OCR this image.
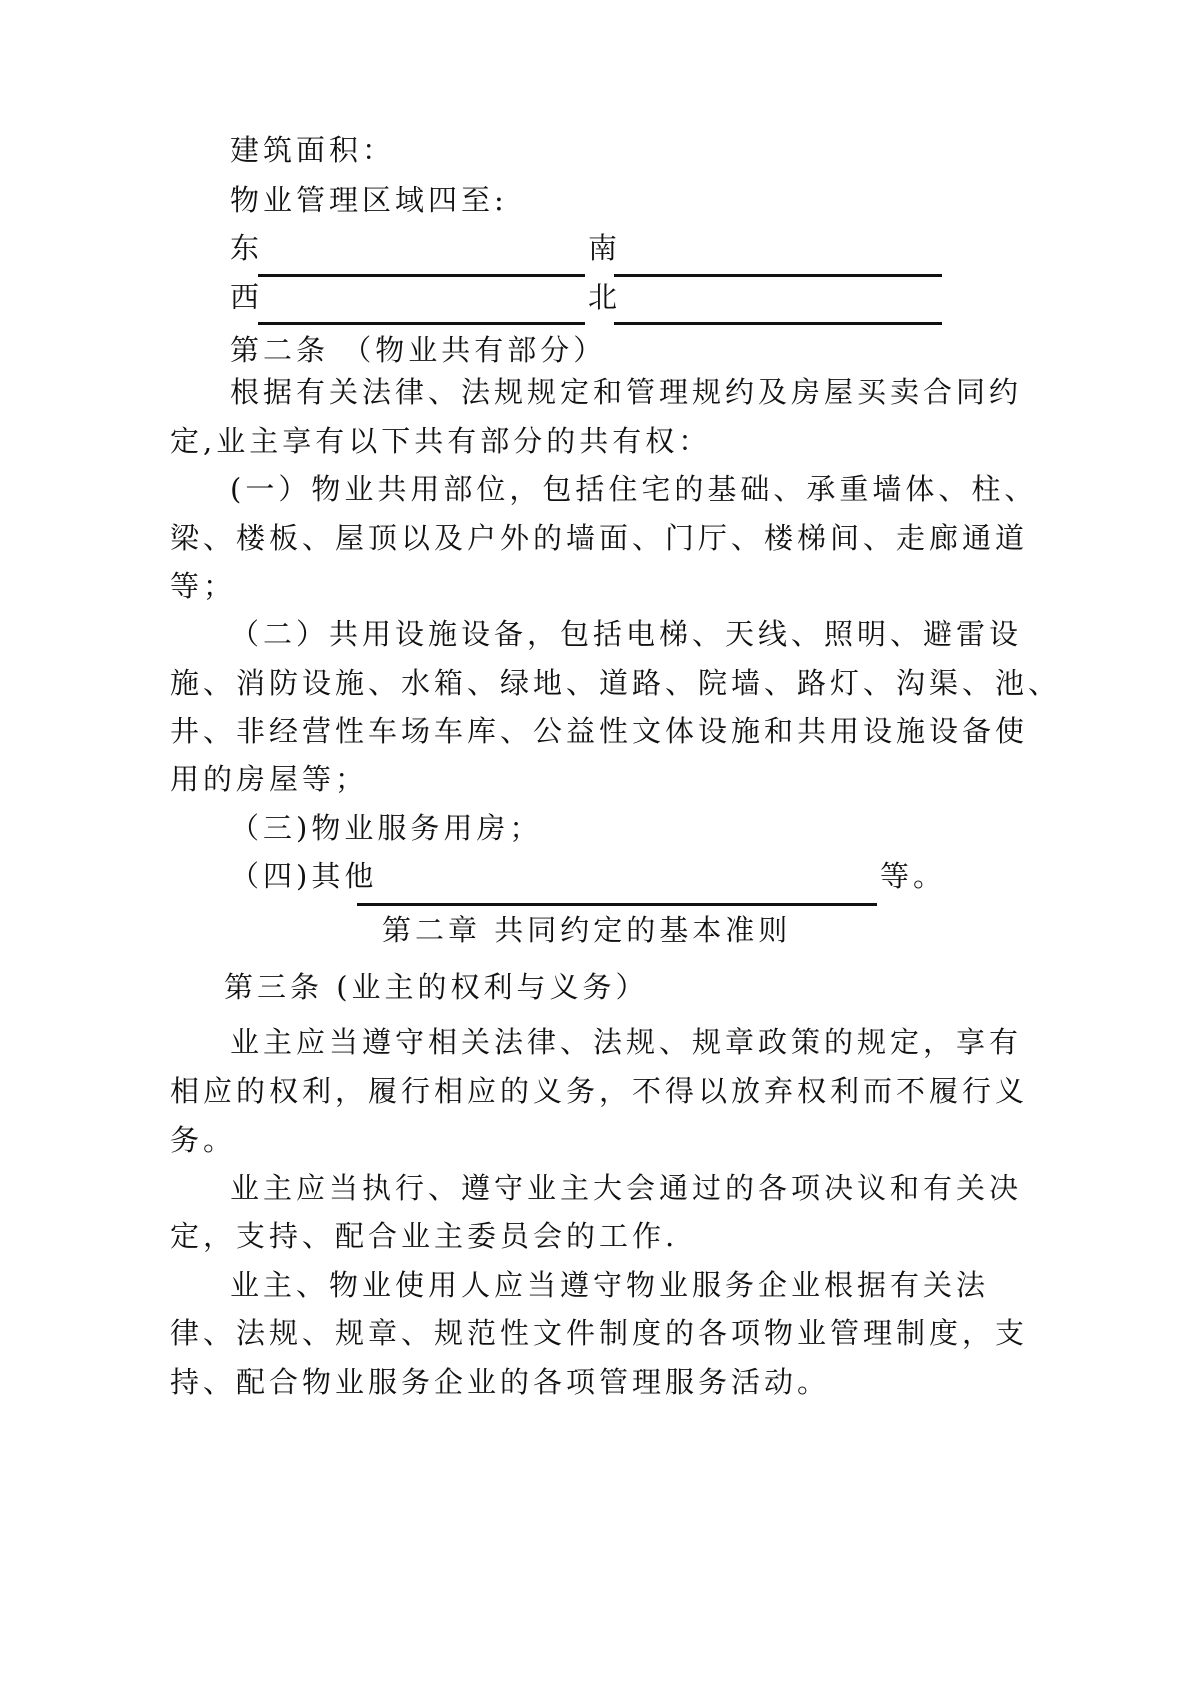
建筑面积：
物业管理区域四至:
东	南
西	北
第二条 （物业共有部分）
根据有关法律、法规规定和管理规约及房屋买卖合同约
定,业主享有以下共有部分的共有权：
(一）物业共用部位，包括住宅的基础、承重墙体、柱、
梁、楼板、屋顶以及户外的墙面、门厅、楼梯间、走廊通道
等；
（二）共用设施设备，包括电梯、天线、照明、避雷设
施、消防设施、水箱、绿地、道路、院墙、路灯、沟渠、池、
井、非经营性车场车库、公益性文体设施和共用设施设备使
用的房屋等；
（三)物业服务用房；
（四)其他	等。
第二章 共同约定的基本准则
第三条 (业主的权利与义务）
业主应当遵守相关法律、法规、规章政策的规定，享有
相应的权利，履行相应的义务，不得以放弃权利而不履行义
务。
业主应当执行、遵守业主大会通过的各项决议和有关决
定，支持、配合业主委员会的工作.
业主、物业使用人应当遵守物业服务企业根据有关法
律、法规、规章、规范性文件制度的各项物业管理制度，支
持、配合物业服务企业的各项管理服务活动。
